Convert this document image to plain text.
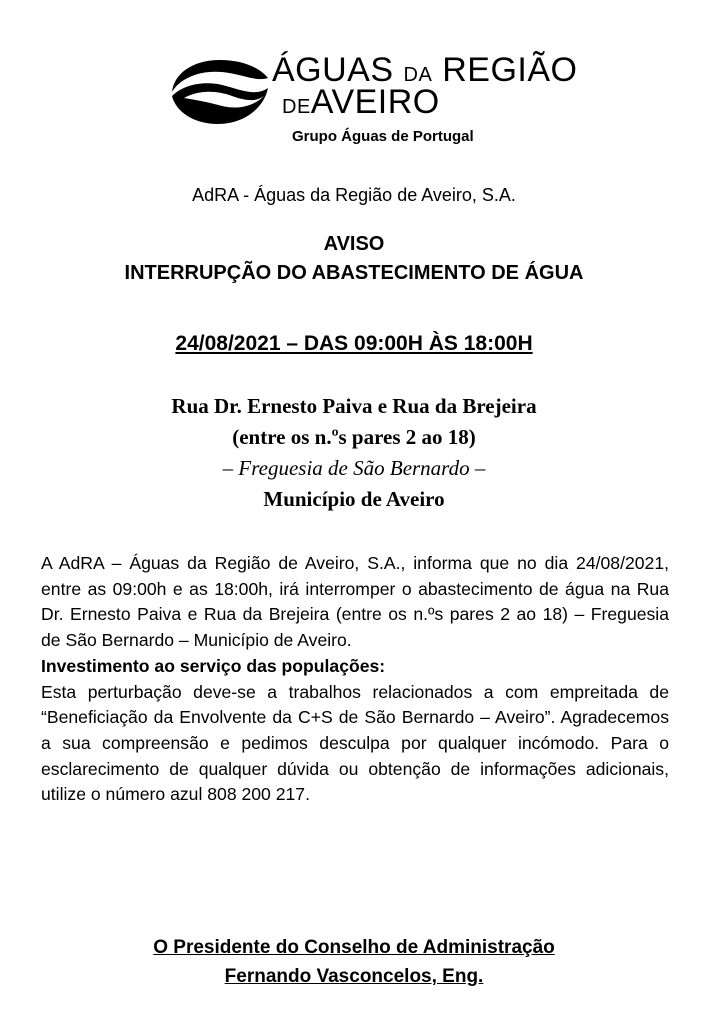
ÁGUAS DA REGIÃO
DEAVEIRO
Grupo Águas de Portugal
AdRA - Águas da Região de Aveiro, S.A.
AVISO
INTERRUPÇÃO DO ABASTECIMENTO DE ÁGUA
24/08/2021 – DAS 09:00H ÀS 18:00H
Rua Dr. Ernesto Paiva e Rua da Brejeira
(entre os n.ºs pares 2 ao 18)
– Freguesia de São Bernardo –
Município de Aveiro

A AdRA – Águas da Região de Aveiro, S.A., informa que no dia 24/08/2021, entre as 09:00h e as 18:00h, irá interromper o abastecimento de água na Rua Dr. Ernesto Paiva e Rua da Brejeira (entre os n.ºs pares 2 ao 18) – Freguesia de São Bernardo – Município de Aveiro.

Investimento ao serviço das populações:

Esta perturbação deve-se a trabalhos relacionados a com empreitada de “Beneficiação da Envolvente da C+S de São Bernardo – Aveiro”. Agradecemos a sua compreensão e pedimos desculpa por qualquer incómodo. Para o esclarecimento de qualquer dúvida ou obtenção de informações adicionais, utilize o número azul 808 200 217.

O Presidente do Conselho de Administração
Fernando Vasconcelos, Eng.
